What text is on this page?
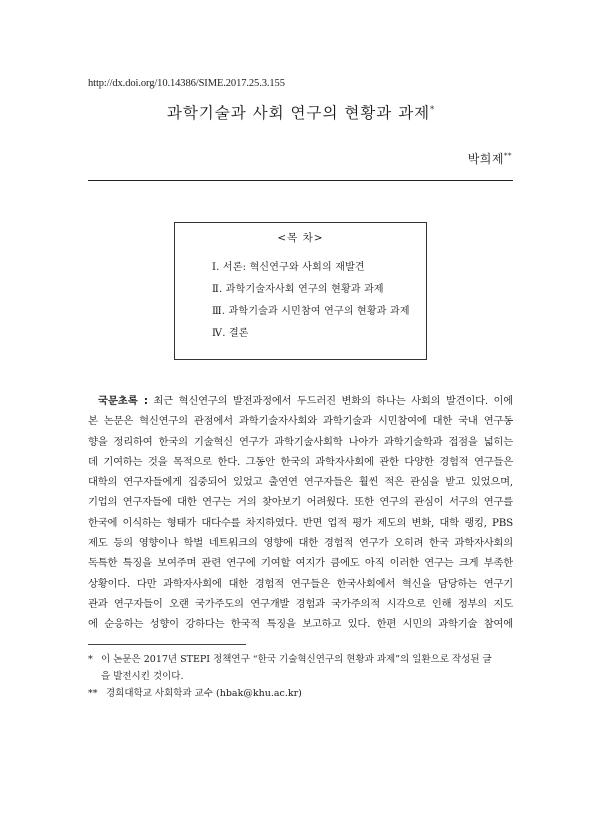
http://dx.doi.org/10.14386/SIME.2017.25.3.155
과학기술과 사회 연구의 현황과 과제*
박희제**
<목 차>
Ⅰ. 서론: 혁신연구와 사회의 재발견
Ⅱ. 과학기술자사회 연구의 현황과 과제
Ⅲ. 과학기술과 시민참여 연구의 현황과 과제
Ⅳ. 결론
국문초록 : 최근 혁신연구의 발전과정에서 두드러진 변화의 하나는 사회의 발견이다. 이에
본 논문은 혁신연구의 관점에서 과학기술자사회와 과학기술과 시민참여에 대한 국내 연구동
향을 정리하여 한국의 기술혁신 연구가 과학기술사회학 나아가 과학기술학과 접점을 넓히는
데 기여하는 것을 목적으로 한다. 그동안 한국의 과학자사회에 관한 다양한 경험적 연구들은
대학의 연구자들에게 집중되어 있었고 출연연 연구자들은 훨씬 적은 관심을 받고 있었으며,
기업의 연구자들에 대한 연구는 거의 찾아보기 어려웠다. 또한 연구의 관심이 서구의 연구를
한국에 이식하는 형태가 대다수를 차지하였다. 반면 업적 평가 제도의 변화, 대학 랭킹, PBS
제도 등의 영향이나 학벌 네트워크의 영향에 대한 경험적 연구가 오히려 한국 과학자사회의
독특한 특징을 보여주며 관련 연구에 기여할 여지가 큼에도 아직 이러한 연구는 크게 부족한
상황이다. 다만 과학자사회에 대한 경험적 연구들은 한국사회에서 혁신을 담당하는 연구기
관과 연구자들이 오랜 국가주도의 연구개발 경험과 국가주의적 시각으로 인해 정부의 지도
에 순응하는 성향이 강하다는 한국적 특징을 보고하고 있다. 한편 시민의 과학기술 참여에
* 이 논문은 2017년 STEPI 정책연구 “한국 기술혁신연구의 현황과 과제”의 일환으로 작성된 글
을 발전시킨 것이다.
** 경희대학교 사회학과 교수 (hbak@khu.ac.kr)
